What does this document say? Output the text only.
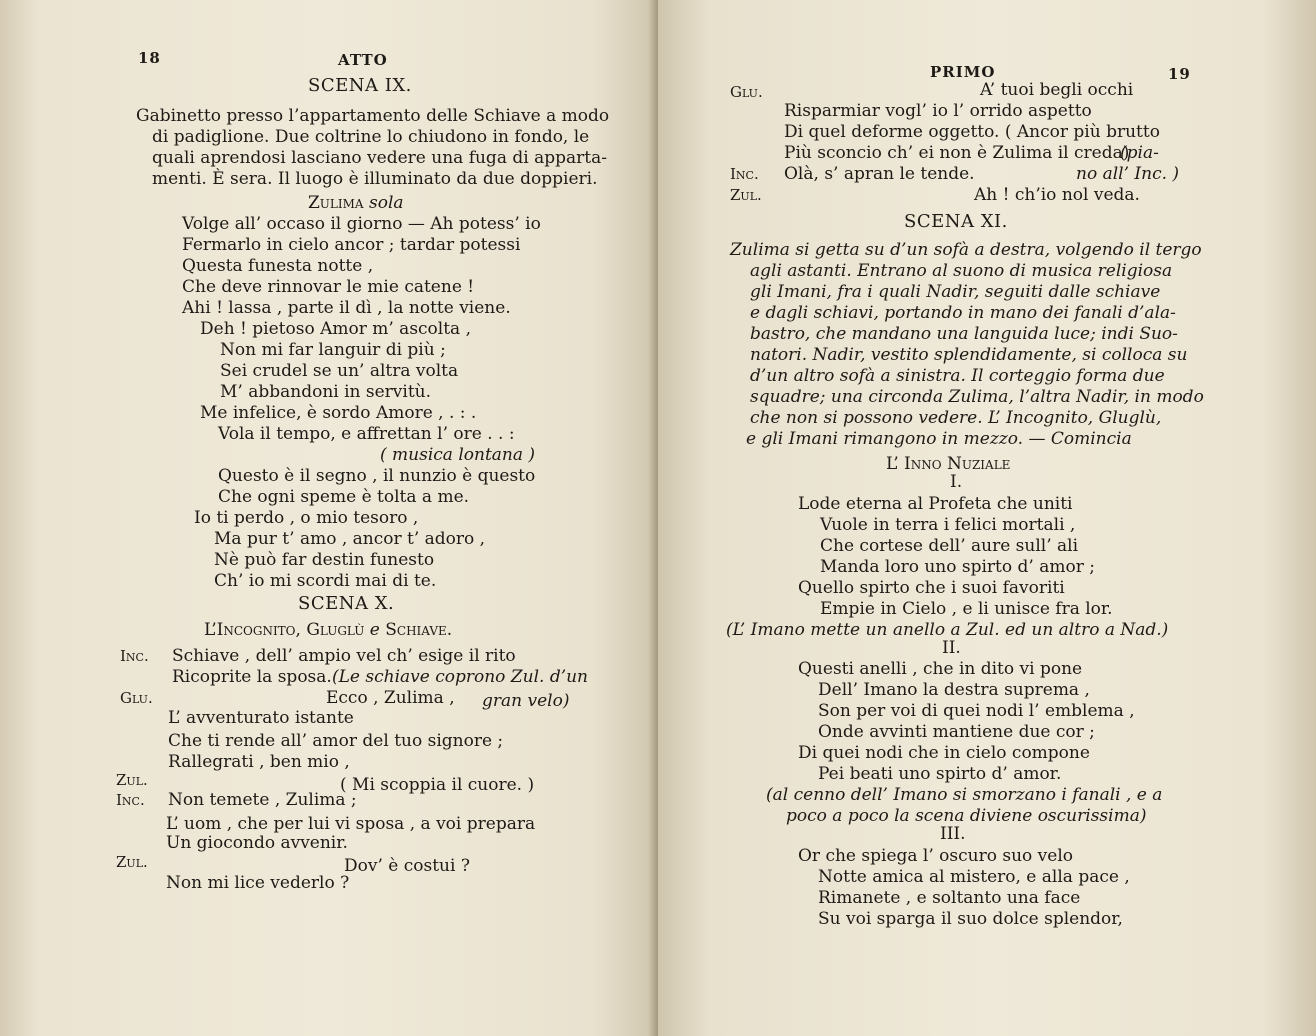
18	ATTO
SCENA IX.
Gabinetto presso l’appartamento delle Schiave a modo
di padiglione. Due coltrine lo chiudono in fondo, le
quali aprendosi lasciano vedere una fuga di apparta-
menti. È sera. Il luogo è illuminato da due doppieri.
Zulima sola
Volge all’ occaso il giorno — Ah potess’ io
Fermarlo in cielo ancor ; tardar potessi
Questa funesta notte ,
Che deve rinnovar le mie catene !
Ahi ! lassa , parte il dì , la notte viene.
Deh ! pietoso Amor m’ ascolta ,
Non mi far languir di più ;
Sei crudel se un’ altra volta
M’ abbandoni in servitù.
Me infelice, è sordo Amore , . : .
Vola il tempo, e affrettan l’ ore . . :
( musica lontana )
Questo è il segno , il nunzio è questo
Che ogni speme è tolta a me.
Io ti perdo , o mio tesoro ,
Ma pur t’ amo , ancor t’ adoro ,
Nè può far destin funesto
Ch’ io mi scordi mai di te.
SCENA X.
L’Incognito, Gluglù e Schiave.
Inc. Schiave , dell’ ampio vel ch’ esige il rito
Ricoprite la sposa. (Le schiave coprono Zul. d’un
Glu.	Ecco , Zulima , gran velo)
L’ avventurato istante
Che ti rende all’ amor del tuo signore ;
Rallegrati , ben mio ,
Zul.	( Mi scoppia il cuore. )
Inc. Non temete , Zulima ;
L’ uom , che per lui vi sposa , a voi prepara
Un giocondo avvenir.
Zul.	Dov’ è costui ?
Non mi lice vederlo ?
PRIMO	19
Glu.	A’ tuoi begli occhi
Risparmiar vogl’ io l’ orrido aspetto
Di quel deforme oggetto. ( Ancor più brutto
Più sconcio ch’ ei non è Zulima il creda)
(pia-
Inc. Olà, s’ apran le tende.	no all’ Inc. )
Zul.	Ah ! ch’io nol veda.
SCENA XI.
Zulima si getta su d’un sofà a destra, volgendo il tergo
agli astanti. Entrano al suono di musica religiosa
gli Imani, fra i quali Nadir, seguiti dalle schiave
e dagli schiavi, portando in mano dei fanali d’ala-
bastro, che mandano una languida luce; indi Suo-
natori. Nadir, vestito splendidamente, si colloca su
d’un altro sofà a sinistra. Il corteggio forma due
squadre; una circonda Zulima, l’altra Nadir, in modo
che non si possono vedere. L’ Incognito, Gluglù,
e gli Imani rimangono in mezzo. — Comincia
L’ Inno Nuziale
I.
Lode eterna al Profeta che uniti
Vuole in terra i felici mortali ,
Che cortese dell’ aure sull’ ali
Manda loro uno spirto d’ amor ;
Quello spirto che i suoi favoriti
Empie in Cielo , e li unisce fra lor.
(L’ Imano mette un anello a Zul. ed un altro a Nad.)
II.
Questi anelli , che in dito vi pone
Dell’ Imano la destra suprema ,
Son per voi di quei nodi l’ emblema ,
Onde avvinti mantiene due cor ;
Di quei nodi che in cielo compone
Pei beati uno spirto d’ amor.
(al cenno dell’ Imano si smorzano i fanali , e a
poco a poco la scena diviene oscurissima)
III.
Or che spiega l’ oscuro suo velo
Notte amica al mistero, e alla pace ,
Rimanete , e soltanto una face
Su voi sparga il suo dolce splendor,
